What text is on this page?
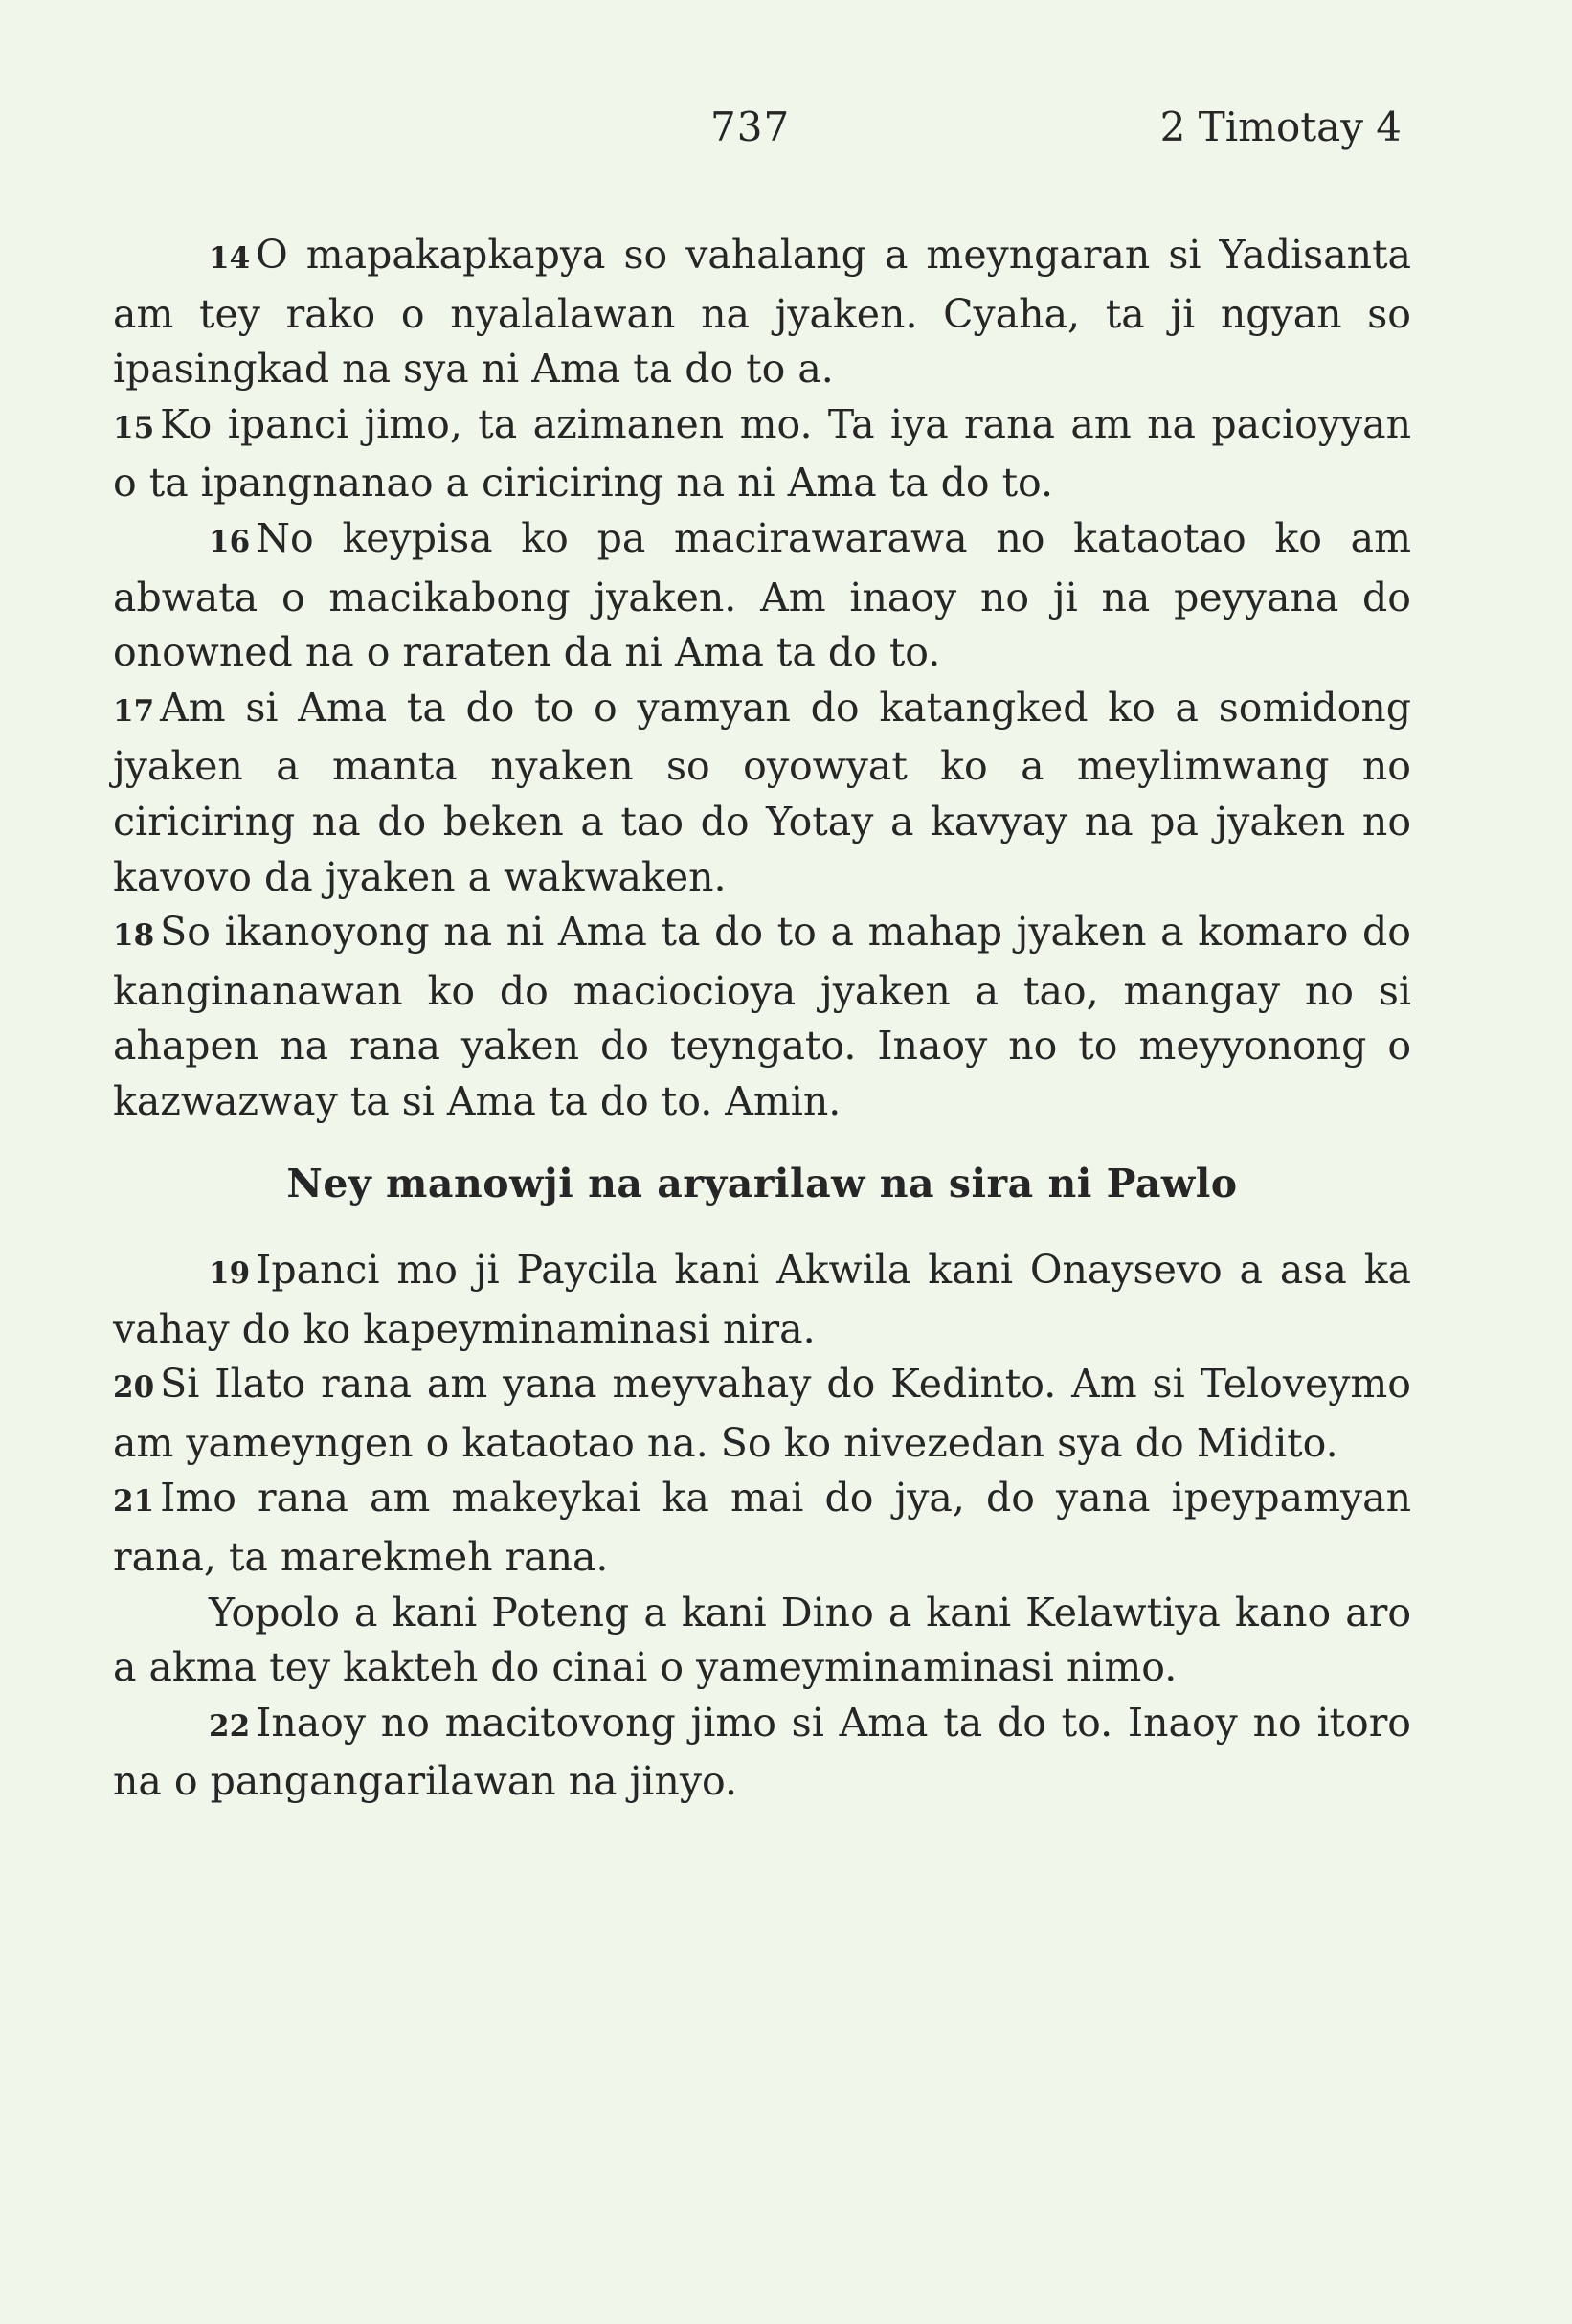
737	2 Timotay 4

14 O mapakapkapya so vahalang a meyngaran si Yadisanta am tey rako o nyalalawan na jyaken. Cyaha, ta ji ngyan so ipasingkad na sya ni Ama ta do to a.

15 Ko ipanci jimo, ta azimanen mo. Ta iya rana am na pacioyyan o ta ipangnanao a ciriciring na ni Ama ta do to.

16 No keypisa ko pa macirawarawa no kataotao ko am abwata o macikabong jyaken. Am inaoy no ji na peyyana do onowned na o raraten da ni Ama ta do to.

17 Am si Ama ta do to o yamyan do katangked ko a somidong jyaken a manta nyaken so oyowyat ko a meylimwang no ciriciring na do beken a tao do Yotay a kavyay na pa jyaken no kavovo da jyaken a wakwaken.

18 So ikanoyong na ni Ama ta do to a mahap jyaken a komaro do kanginanawan ko do maciocioya jyaken a tao, mangay no si ahapen na rana yaken do teyngato. Inaoy no to meyyonong o kazwazway ta si Ama ta do to. Amin.

Ney manowji na aryarilaw na sira ni Pawlo

19 Ipanci mo ji Paycila kani Akwila kani Onaysevo a asa ka vahay do ko kapeyminaminasi nira.

20 Si Ilato rana am yana meyvahay do Kedinto. Am si Teloveymo am yameyngen o kataotao na. So ko nivezedan sya do Midito.

21 Imo rana am makeykai ka mai do jya, do yana ipeypamyan rana, ta marekmeh rana.

Yopolo a kani Poteng a kani Dino a kani Kelawtiya kano aro a akma tey kakteh do cinai o yameyminaminasi nimo.

22 Inaoy no macitovong jimo si Ama ta do to. Inaoy no itoro na o pangangarilawan na jinyo.
